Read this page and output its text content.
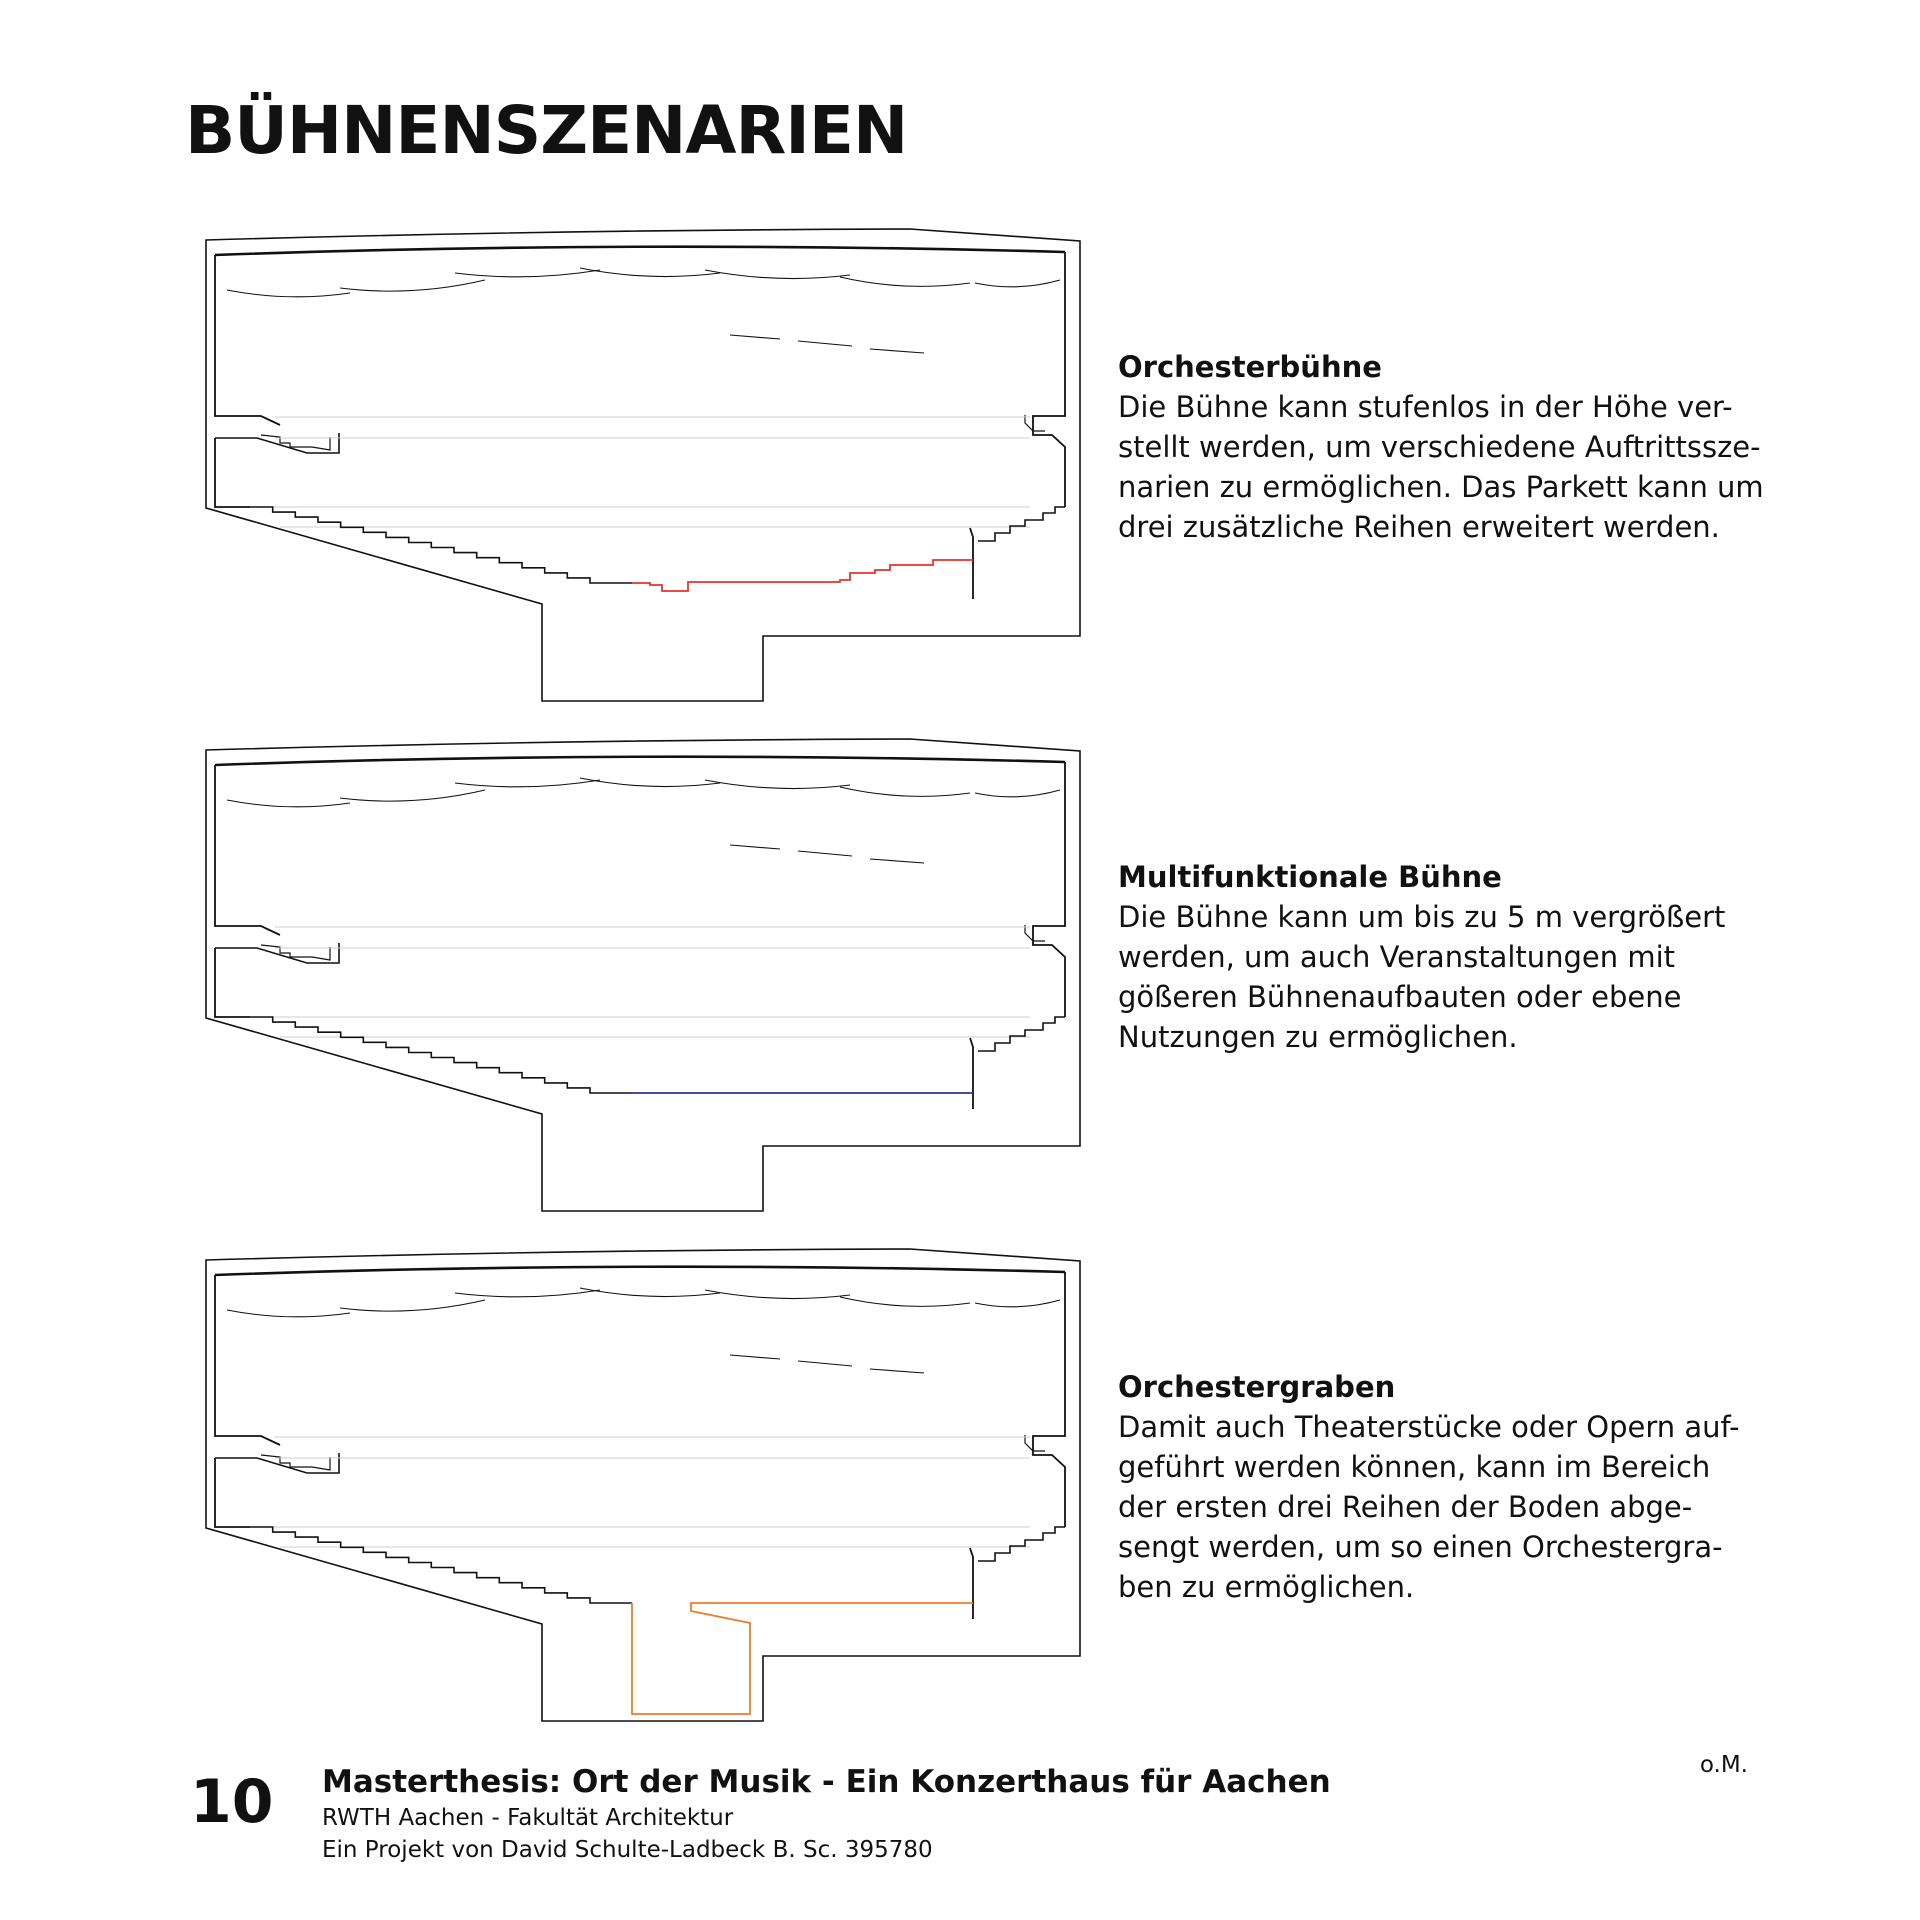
BÜHNENSZENARIEN
Orchesterbühne

Die Bühne kann stufenlos in der Höhe ver-

stellt werden, um verschiedene Auftrittssze-

narien zu ermöglichen. Das Parkett kann um

drei zusätzliche Reihen erweitert werden.

Multifunktionale Bühne

Die Bühne kann um bis zu 5 m vergrößert

werden, um auch Veranstaltungen mit

gößeren Bühnenaufbauten oder ebene

Nutzungen zu ermöglichen.

Orchestergraben

Damit auch Theaterstücke oder Opern auf-

geführt werden können, kann im Bereich

der ersten drei Reihen der Boden abge-

sengt werden, um so einen Orchestergra-

ben zu ermöglichen.

10 Masterthesis: Ort der Musik - Ein Konzerthaus für Aachen
RWTH Aachen - Fakultät Architektur
Ein Projekt von David Schulte-Ladbeck B. Sc. 395780
o.M.
